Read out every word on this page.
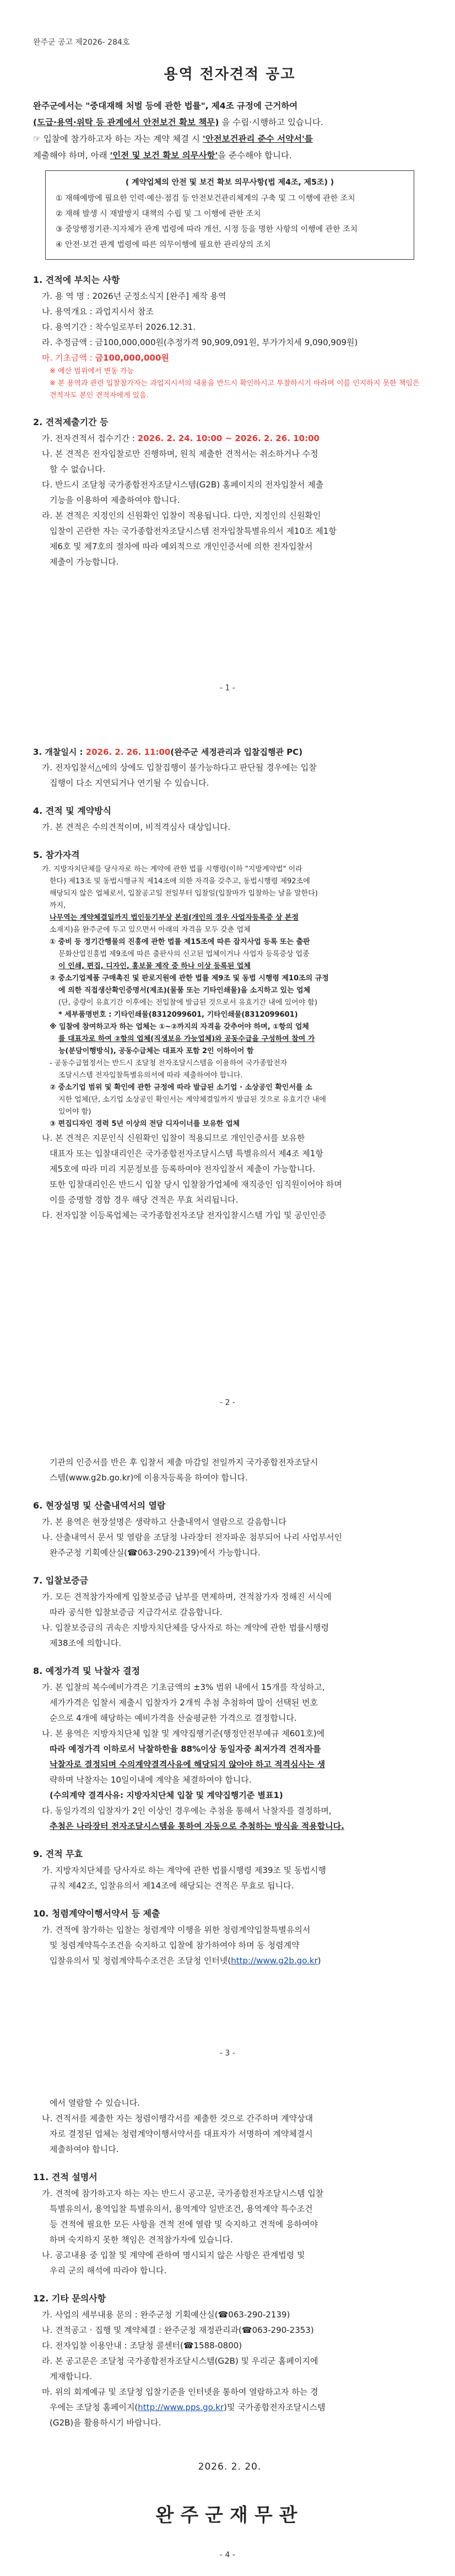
완주군 공고 제2026- 284호
용역 전자견적 공고
완주군에서는 "중대재해 처벌 등에 관한 법률", 제4조 규정에 근거하여
(도급·용역·위탁 등 관계에서 안전보건 확보 책무) 을 수립·시행하고 있습니다.
☞ 입찰에 참가하고자 하는 자는 계약 체결 시 '안전보건관리 준수 서약서'를
제출해야 하며, 아래 '인전 및 보건 확보 의무사항'을 준수해야 합니다.
( 계약업체의 안전 및 보건 확보 의무사항(법 제4조, 제5조) )
① 재해예방에 필요한 인력·예산·점검 등 안전보건관리체계의 구축 및 그 이행에 관한 조치
② 재해 발생 시 재발방지 대책의 수립 및 그 이행에 관한 조치
③ 중앙행정기관·지자체가 관계 법령에 따라 개선, 시정 등을 명한 사항의 이행에 관한 조치
④ 안전·보건 관계 법령에 따른 의무이행에 필요한 관리상의 조치
1. 견적에 부치는 사항
가. 용 역 명 : 2026년 군정소식지 [완주] 제작 용역
나. 용역개요 : 과업지시서 참조
다. 용역기간 : 착수일로부터 2026.12.31.
라. 추정금액 : 금100,000,000원(추정가격 90,909,091원, 부가가치세 9,090,909원)
마. 기초금액 : 금100,000,000원
※ 예산 범위에서 변동 가능
※ 본 용역과 관련 입찰참가자는 과업지시서의 내용을 반드시 확인하시고 투찰하시기 바라며 이를 인지하지 못한 책임은 견적자도 본인 견적자에게 있음.
2. 견적제출기간 등
가. 전자견적서 접수기간 : 2026. 2. 24. 10:00 ~ 2026. 2. 26. 10:00
나. 본 견적은 전자입찰로만 진행하며, 원칙 제출한 견적서는 취소하거나 수정
할 수 없습니다.
다. 반드시 조달청 국가종합전자조달시스템(G2B) 홈페이지의 전자입찰서 제출
기능을 이용하여 제출하여야 합니다.
라. 본 견적은 지정인의 신원확인 입찰이 적용됩니다. 다만, 지정인의 신원확인
입찰이 곤란한 자는 국가종합전자조달시스템 전자입찰특별유의서 제10조 제1항
제6호 및 제7호의 절차에 따라 예외적으로 개인인증서에 의한 전자입찰서
제출이 가능합니다.
- 1 -
3. 개찰일시 : 2026. 2. 26. 11:00(완주군 세정관리과 입찰집행관 PC)
가. 전자입찰서△에의 상에도 입찰집행이 불가능하다고 판단될 경우에는 입찰
집행이 다소 지연되거나 연기될 수 있습니다.
4. 견적 및 계약방식
가. 본 견적은 수의견적이며, 비적격심사 대상입니다.
5. 참가자격
가. 지방자치단체를 당사자로 하는 계약에 관한 법률 시행령(이하 "지방계약법" 이라
한다) 제13조 및 동법시행규칙 제14조에 의한 자격을 갖추고, 동법시행령 제92조에
해당되지 않은 업체로서, 입찰공고일 전일부터 입찰일(입찰마가 입찰하는 날을 말한다)
까지,
나무역는 계약체결일까지 법인등기부상 본점(개인의 경우 사업자등록증 상 본점
소재지)을 완주군에 두고 있으면서 아래의 자격을 모두 갖춘 업체
① 중비 등 정기간행물의 진흥에 관한 법률 제15조에 따른 잡지사업 등록 또는 출판
문화산업진흥법 제9조에 따른 출판사의 신고된 업체이거나 사업자 등록증상 업종
이 인쇄, 편집, 디자인, 홍보물 제작 중 하나 이상 등록된 업체
② 중소기업제품 구매촉진 및 판로지원에 관한 법률 제9조 및 동법 시행령 제10조의 규정
에 의한 직접생산확인증명서(제조)(물품 또는 기타인쇄물)을 소지하고 있는 업체
(단, 중량이 유효기간 이후에는 전입찰에 발급된 것으로서 유효기간 내에 있어야 함)
* 세부품명번호 : 기타인쇄물(8312099601, 기타인쇄물(8312099601)
※ 입찰에 참여하고자 하는 업체는 ①~②까지의 자격을 갖추어야 하며, ①항의 업체
를 대표자로 하여 ②항의 업체(직생보유 가능업체)와 공동수급을 구성하여 참여 가
능(분담이행방식), 공동수급체는 대표자 포함 2인 이하이어 함
- 공동수급협정서는 반드시 조달청 전자조달시스템을 이용하여 국가종합전자
조달시스템 전자입찰특별유의서에 따라 제출하여야 합니다.
② 중소기업 범위 및 확인에 관한 규정에 따라 발급된 소기업 · 소상공인 확인서를 소
지한 업체(단, 소기업 소상공인 확인서는 계약체결일까지 발급된 것으로 유효기간 내에
있어야 함)
③ 편집디자인 경력 5년 이상의 전담 디자이너를 보유한 업체
나. 본 견적은 지문인식 신원확인 입찰이 적용되므로 개인인증서를 보유한
대표자 또는 입찰대리인은 국가종합전자조달시스템 특별유의서 제4조 제1항
제5호에 따라 미리 지문정보를 등록하여야 전자입찰서 제출이 가능합니다.
또한 입찰대리인은 반드시 입찰 당시 입찰참가업체에 재직중인 임직원이어야 하며
이를 증명할 경합 경우 해당 견적은 무효 처리됩니다.
다. 전자입찰 이등록업체는 국가종합전자조달 전자입찰시스템 가입 및 공인인증
- 2 -
기관의 인증서를 반은 후 입찰서 제출 마감일 전일까지 국가종합전자조달시
스템(www.g2b.go.kr)에 이용자등록을 하여야 합니다.
6. 현장설명 및 산출내역서의 열람
가. 본 용역은 현장설명은 생략하고 산출내역서 열람으로 갈음합니다
나. 산출내역서 문서 및 열람을 조달청 나라장터 전자파운 첨부되어 나리 사업부서인
완주군청 기획예산실(☎063-290-2139)에서 가능합니다.
7. 입찰보증금
가. 모든 견적참가자에게 입찰보증금 납부를 면제하며, 견적참가자 정해진 서식에
따라 공식한 입찰보증금 지급각서로 갈음합니다.
나. 입찰보증금의 귀속은 지방자치단체를 당사자로 하는 계약에 관한 법률시행령
제38조에 의합니다.
8. 예정가격 및 낙찰자 결정
가. 본 입찰의 복수예비가격은 기초금액의 ±3% 범위 내에서 15개를 작성하고,
세가가격은 입찰서 제출시 입찰자가 2개씩 추첨 추첨하여 많이 선택된 번호
순으로 4개에 해당하는 예비가격을 산술평균한 가격으로 결정합니다.
나. 본 용역은 지방자치단체 입찰 및 계약집행기준(행정안전부예규 제601호)에
따라 예정가격 이하로서 낙찰하한율 88%이상 동일자중 최저가격 견적자를
낙찰자로 결정되며 수의계약결격사유에 해당되지 않아야 하고 적격심사는 생
략하며 낙찰자는 10일이내에 계약을 체결하여야 합니다.
(수의계약 결격사유: 지방자치단체 입찰 및 계약집행기준 별표1)
다. 동일가격의 입찰자가 2인 이상인 경우에는 추첨을 통해서 낙찰자를 결정하며,
추첨은 나라장터 전자조달시스템을 통하여 자동으로 추첨하는 방식을 적용합니다.
9. 견적 무효
가. 지방자치단체를 당사자로 하는 계약에 관한 법률시행령 제39조 및 동법시행
규칙 제42조, 입찰유의서 제14조에 해당되는 견적은 무효로 됩니다.
10. 청렴계약이행서약서 등 제출
가. 견적에 참가하는 입찰는 청렴계약 이행을 위한 청렴계약입찰특별유의서
및 청렴계약특수조건을 숙지하고 입찰에 참가하여야 하며 동 청렴계약
입찰유의서 및 청렴계약특수조건은 조달청 인터넷(http://www.g2b.go.kr)
- 3 -
에서 열람할 수 있습니다.
나. 견적서를 제출한 자는 청렴이행각서를 제출한 것으로 간주하며 계약상대
자로 결정된 업체는 청렴계약이행서약서를 대표자가 서명하여 계약체결시
제출하여야 합니다.
11. 견적 설명서
가. 견적에 참가하고자 하는 자는 반드시 공고문, 국가종합전자조달시스템 입찰
특별유의서, 용역입찰 특별유의서, 용역계약 일반조건, 용역계약 특수조건
등 견적에 필요한 모든 사항을 견적 전에 열람 및 숙지하고 견적에 응하여야
하며 숙지하지 못한 책임은 견적참가자에 있습니다.
나. 공고내용 중 입찰 및 계약에 관하여 명시되지 않은 사항은 관계법령 및
우리 군의 해석에 따라야 합니다.
12. 기타 문의사항
가. 사업의 세부내용 문의 : 완주군청 기획예산실(☎063-290-2139)
나. 견적공고 · 집행 및 계약체결 : 완주군청 재정관리과(☎063-290-2353)
다. 전자입찰 이용안내 : 조달청 콜센터(☎1588-0800)
라. 본 공고문은 조달청 국가종합전자조달시스템(G2B) 및 우리군 홈페이지에
게재합니다.
마. 위의 회계예규 및 조달청 입찰기준을 인터넷을 통하여 열람하고자 하는 경
우에는 조달청 홈페이지(http://www.pps.go.kr)및 국가종합전자조달시스템
(G2B)을 활용하시기 바랍니다.
2026. 2. 20.
완주군재무관
- 4 -
